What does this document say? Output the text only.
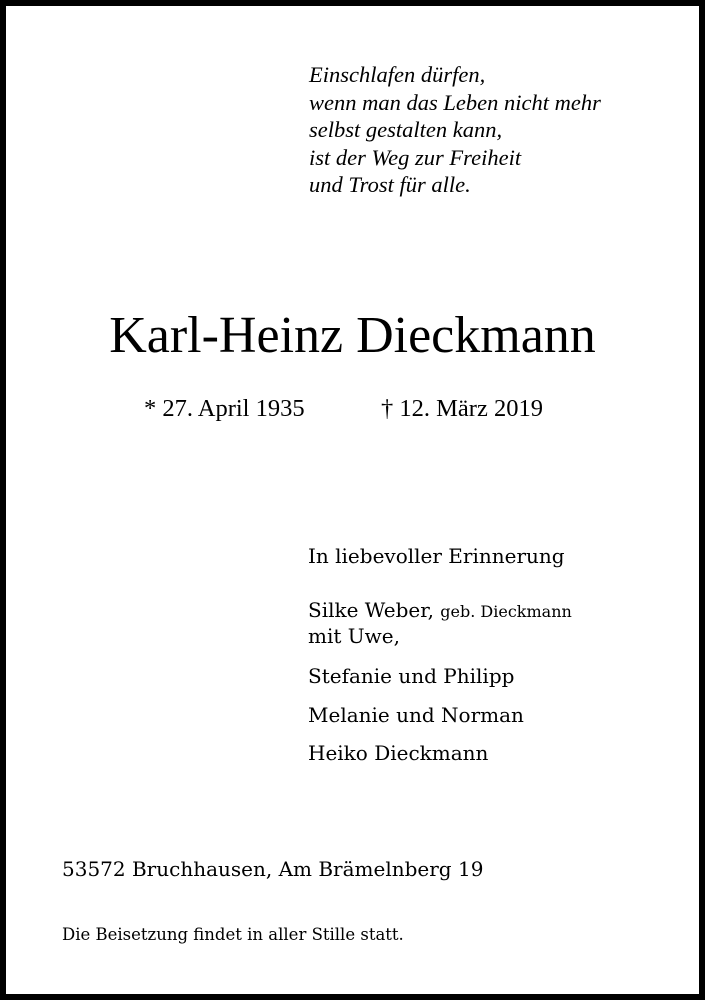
Einschlafen dürfen,
wenn man das Leben nicht mehr
selbst gestalten kann,
ist der Weg zur Freiheit
und Trost für alle.
Karl-Heinz Dieckmann
* 27. April 1935	† 12. März 2019
In liebevoller Erinnerung
Silke Weber, geb. Dieckmann
mit Uwe,
Stefanie und Philipp
Melanie und Norman
Heiko Dieckmann
53572 Bruchhausen, Am Brämelnberg 19
Die Beisetzung findet in aller Stille statt.
